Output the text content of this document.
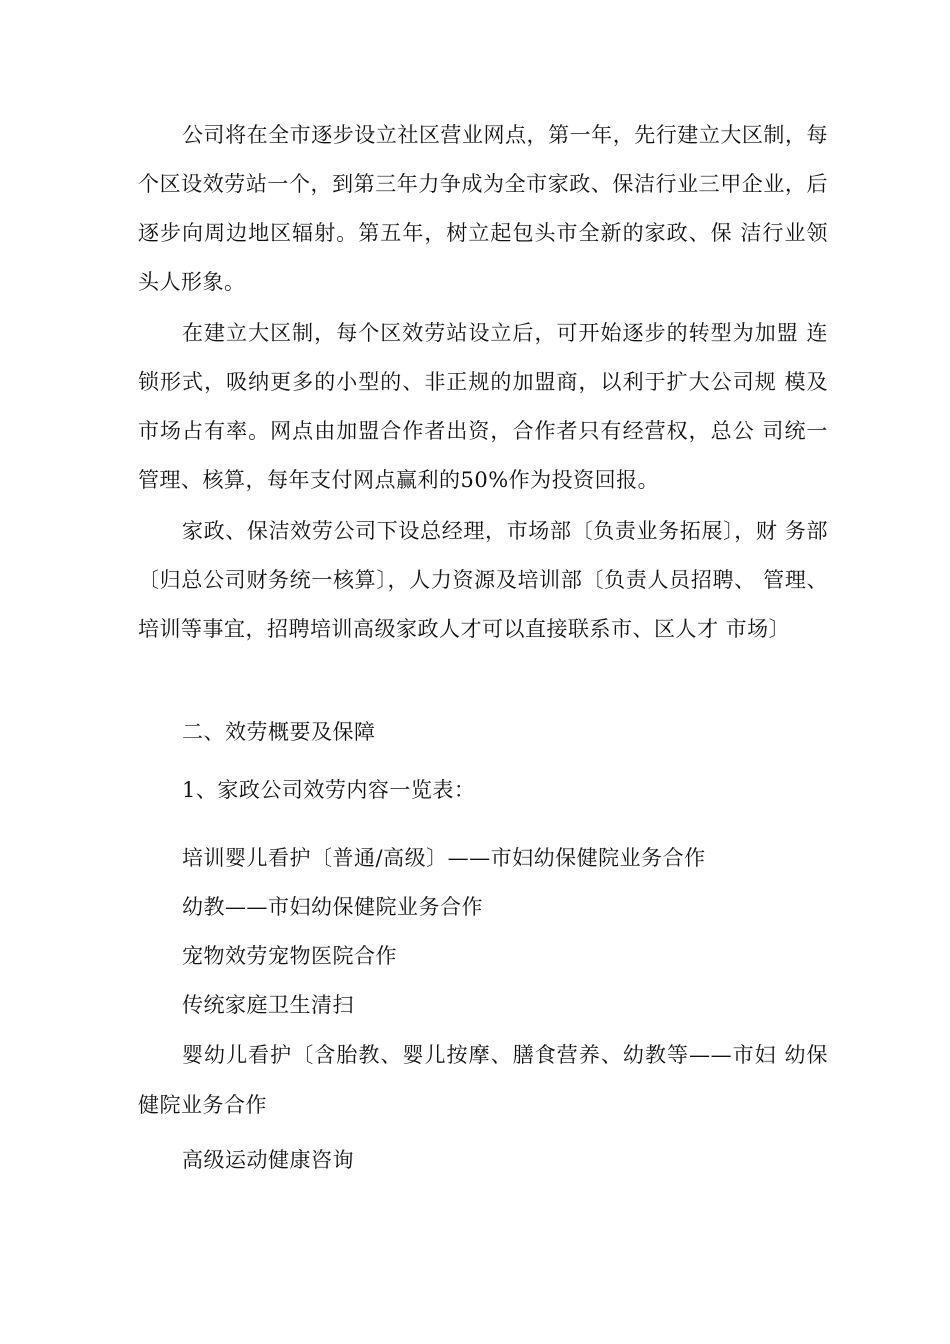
公司将在全市逐步设立社区营业网点，第一年，先行建立大区制，每个区设效劳站一个，到第三年力争成为全市家政、保洁行业三甲企业，后逐步向周边地区辐射。第五年，树立起包头市全新的家政、保 洁行业领头人形象。

在建立大区制，每个区效劳站设立后，可开始逐步的转型为加盟 连锁形式，吸纳更多的小型的、非正规的加盟商，以利于扩大公司规 模及市场占有率。网点由加盟合作者出资，合作者只有经营权，总公 司统一管理、核算，每年支付网点赢利的50%作为投资回报。

家政、保洁效劳公司下设总经理，市场部〔负责业务拓展〕，财 务部〔归总公司财务统一核算〕，人力资源及培训部〔负责人员招聘、 管理、培训等事宜，招聘培训高级家政人才可以直接联系市、区人才 市场〕

二、效劳概要及保障

1、家政公司效劳内容一览表：

培训婴儿看护〔普通/高级〕——市妇幼保健院业务合作

幼教——市妇幼保健院业务合作

宠物效劳宠物医院合作

传统家庭卫生清扫

婴幼儿看护〔含胎教、婴儿按摩、膳食营养、幼教等——市妇 幼保健院业务合作

高级运动健康咨询
